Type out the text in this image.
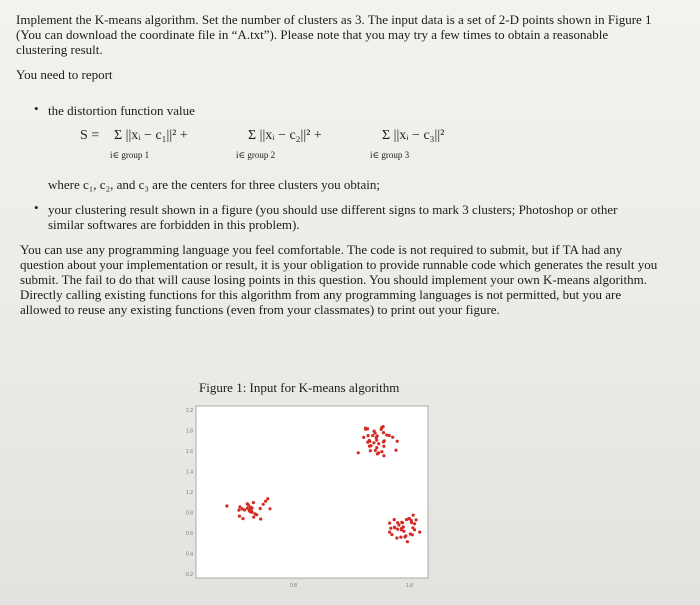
Implement the K-means algorithm. Set the number of clusters as 3. The input data is a set of 2-D points shown in Figure 1 (You can download the coordinate file in “A.txt”). Please note that you may try a few times to obtain a reasonable clustering result.

You need to report

• the distortion function value

S = Σ ||xᵢ − c₁||² +	Σ ||xᵢ − c₂||² +	Σ ||xᵢ − c₃||²
i∈ group 1	i∈ group 2	i∈ group 3

where c₁, c₂, and c₃ are the centers for three clusters you obtain;

• your clustering result shown in a figure (you should use different signs to mark 3 clusters; Photoshop or other similar softwares are forbidden in this problem).

You can use any programming language you feel comfortable. The code is not required to submit, but if TA had any question about your implementation or result, it is your obligation to provide runnable code which generates the result you submit. The fail to do that will cause losing points in this question. You should implement your own K-means algorithm. Directly calling existing functions for this algorithm from any programming languages is not permitted, but you are allowed to reuse any existing functions (even from your classmates) to print out your figure.

Figure 1: Input for K-means algorithm
2.2
1.8
1.6
1.4
1.2
0.8
0.6
0.4
0.2
0.8	1.8
